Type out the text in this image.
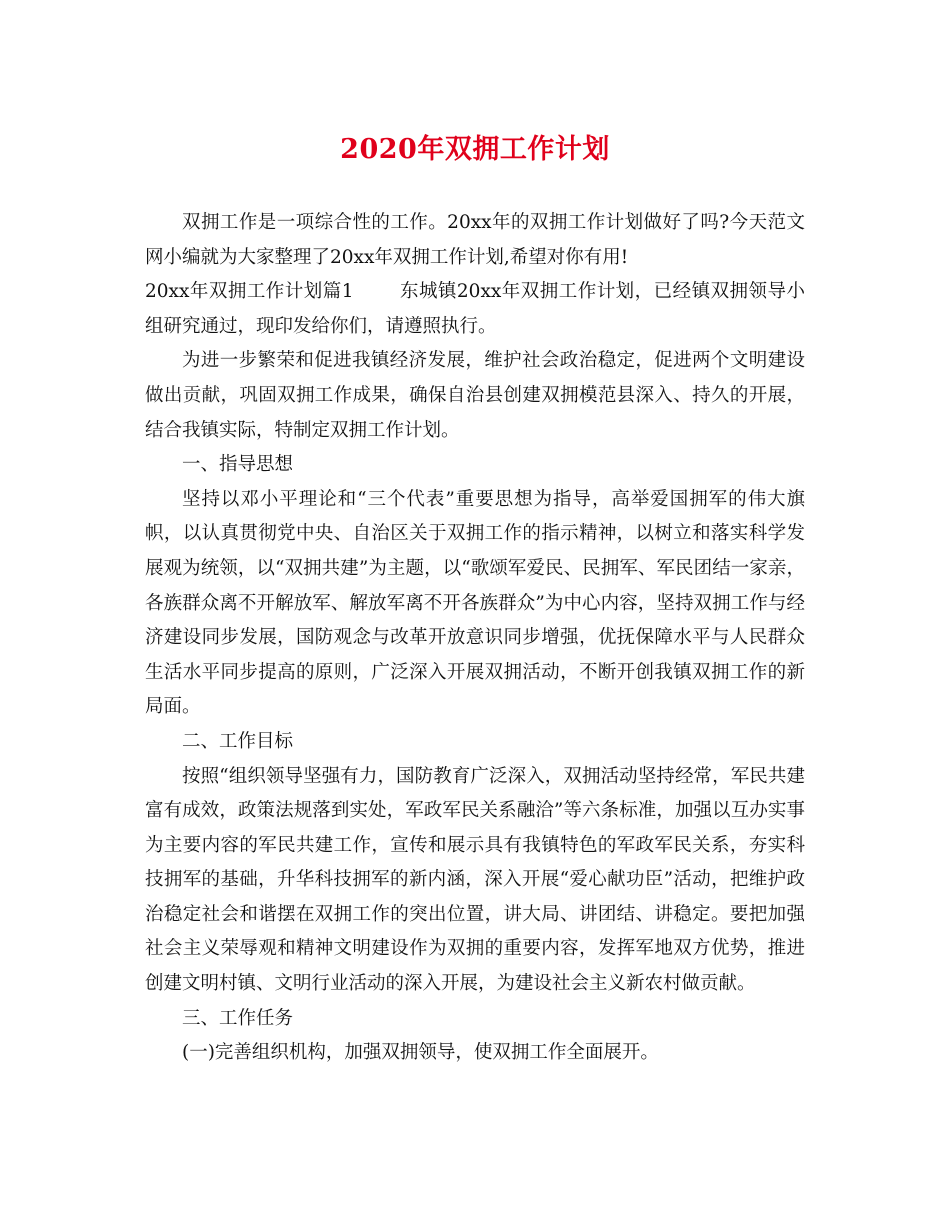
2020年双拥工作计划

双拥工作是一项综合性的工作。20xx年的双拥工作计划做好了吗?今天范文网小编就为大家整理了20xx年双拥工作计划,希望对你有用!

20xx年双拥工作计划篇1 东城镇20xx年双拥工作计划，已经镇双拥领导小组研究通过，现印发给你们，请遵照执行。

为进一步繁荣和促进我镇经济发展，维护社会政治稳定，促进两个文明建设做出贡献，巩固双拥工作成果，确保自治县创建双拥模范县深入、持久的开展，结合我镇实际，特制定双拥工作计划。

一、指导思想

坚持以邓小平理论和“三个代表”重要思想为指导，高举爱国拥军的伟大旗帜，以认真贯彻党中央、自治区关于双拥工作的指示精神，以树立和落实科学发展观为统领，以“双拥共建”为主题，以“歌颂军爱民、民拥军、军民团结一家亲，各族群众离不开解放军、解放军离不开各族群众”为中心内容，坚持双拥工作与经济建设同步发展，国防观念与改革开放意识同步增强，优抚保障水平与人民群众生活水平同步提高的原则，广泛深入开展双拥活动，不断开创我镇双拥工作的新局面。

二、工作目标

按照“组织领导坚强有力，国防教育广泛深入，双拥活动坚持经常，军民共建富有成效，政策法规落到实处，军政军民关系融洽”等六条标准，加强以互办实事为主要内容的军民共建工作，宣传和展示具有我镇特色的军政军民关系，夯实科技拥军的基础，升华科技拥军的新内涵，深入开展“爱心献功臣”活动，把维护政治稳定社会和谐摆在双拥工作的突出位置，讲大局、讲团结、讲稳定。要把加强社会主义荣辱观和精神文明建设作为双拥的重要内容，发挥军地双方优势，推进创建文明村镇、文明行业活动的深入开展，为建设社会主义新农村做贡献。

三、工作任务

(一)完善组织机构，加强双拥领导，使双拥工作全面展开。
